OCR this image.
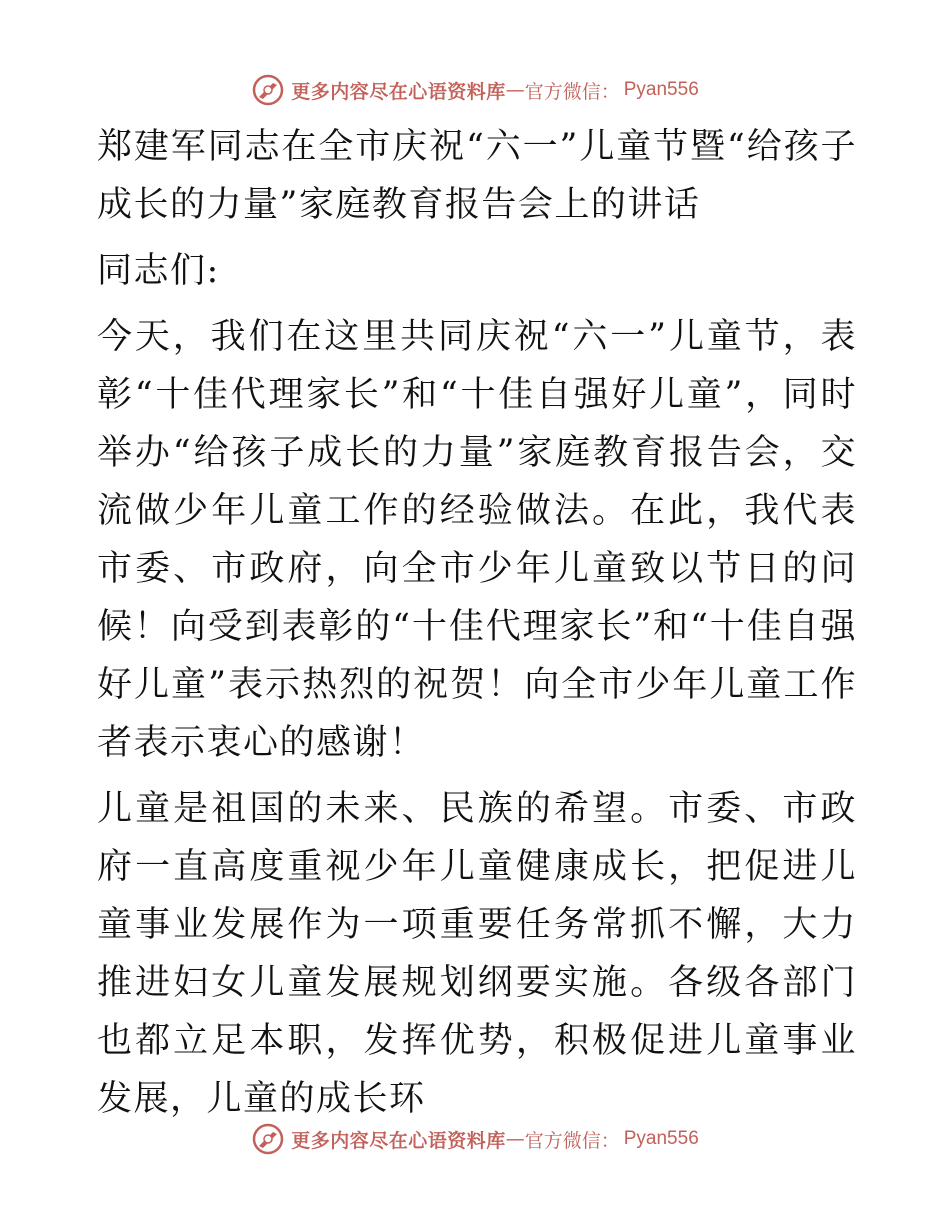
更多内容尽在心语资料库 — 官方微信： Pyan556

郑建军同志在全市庆祝“六一”儿童节暨“给孩子成长的力量”家庭教育报告会上的讲话

同志们:

今天，我们在这里共同庆祝“六一”儿童节，表彰“十佳代理家长”和“十佳自强好儿童”，同时举办“给孩子成长的力量”家庭教育报告会，交流做少年儿童工作的经验做法。在此，我代表市委、市政府，向全市少年儿童致以节日的问候！向受到表彰的“十佳代理家长”和“十佳自强好儿童”表示热烈的祝贺！向全市少年儿童工作者表示衷心的感谢！

儿童是祖国的未来、民族的希望。市委、市政府一直高度重视少年儿童健康成长，把促进儿童事业发展作为一项重要任务常抓不懈，大力推进妇女儿童发展规划纲要实施。各级各部门也都立足本职，发挥优势，积极促进儿童事业发展，儿童的成长环

更多内容尽在心语资料库 — 官方微信： Pyan556
